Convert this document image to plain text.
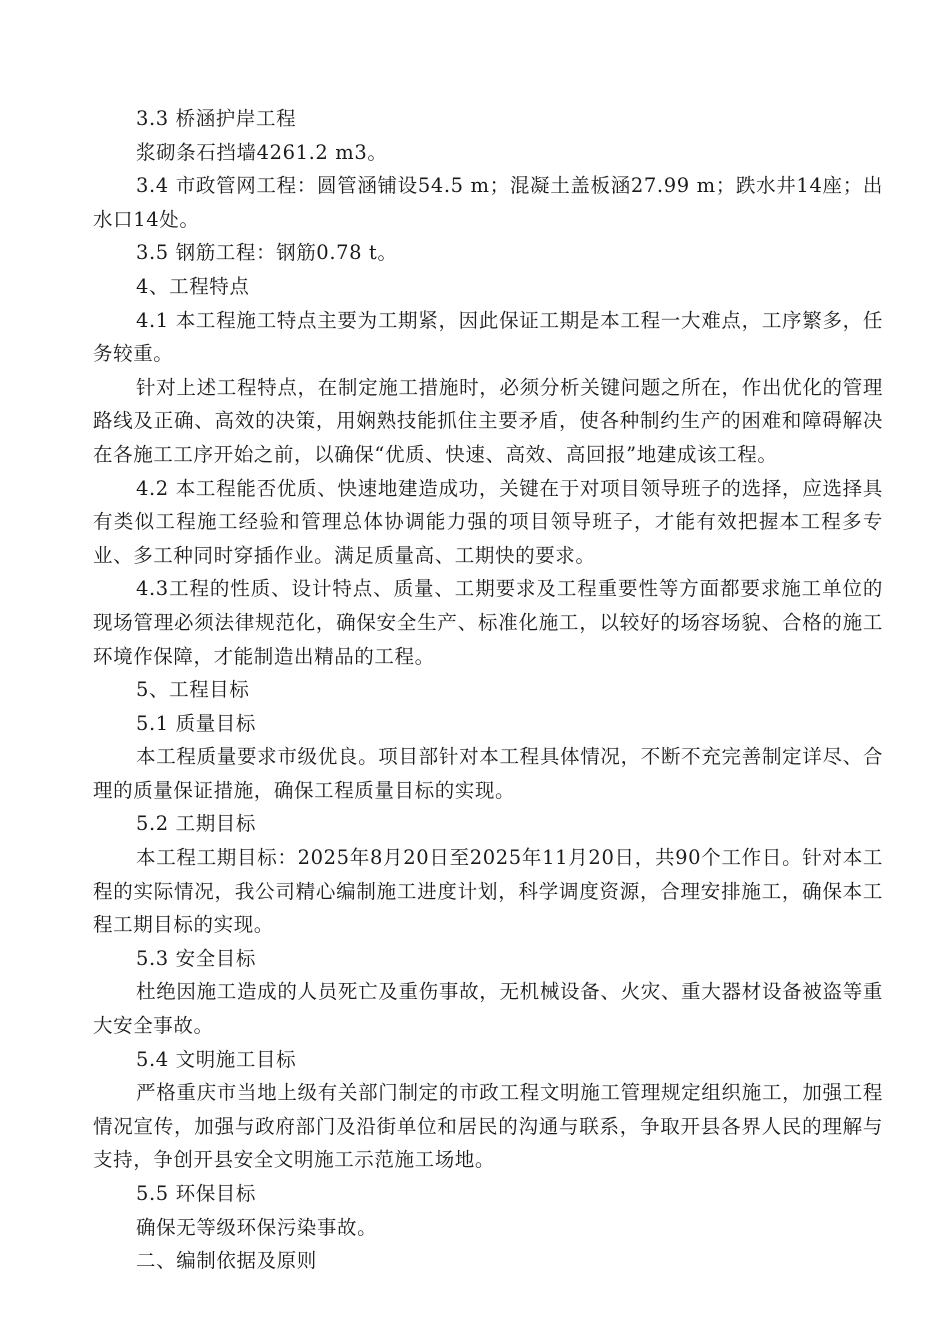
3.3 桥涵护岸工程

浆砌条石挡墙4261.2 m3。

3.4 市政管网工程：圆管涵铺设54.5 m；混凝土盖板涵27.99 m；跌水井14座；出水口14处。

3.5 钢筋工程：钢筋0.78 t。

4、工程特点

4.1 本工程施工特点主要为工期紧，因此保证工期是本工程一大难点，工序繁多，任务较重。

针对上述工程特点，在制定施工措施时，必须分析关键问题之所在，作出优化的管理路线及正确、高效的决策，用娴熟技能抓住主要矛盾，使各种制约生产的困难和障碍解决在各施工工序开始之前，以确保“优质、快速、高效、高回报”地建成该工程。

4.2 本工程能否优质、快速地建造成功，关键在于对项目领导班子的选择，应选择具有类似工程施工经验和管理总体协调能力强的项目领导班子，才能有效把握本工程多专业、多工种同时穿插作业。满足质量高、工期快的要求。

4.3工程的性质、设计特点、质量、工期要求及工程重要性等方面都要求施工单位的现场管理必须法律规范化，确保安全生产、标准化施工，以较好的场容场貌、合格的施工环境作保障，才能制造出精品的工程。

5、工程目标

5.1 质量目标

本工程质量要求市级优良。项目部针对本工程具体情况，不断不充完善制定详尽、合理的质量保证措施，确保工程质量目标的实现。

5.2 工期目标

本工程工期目标：2025年8月20日至2025年11月20日，共90个工作日。针对本工程的实际情况，我公司精心编制施工进度计划，科学调度资源，合理安排施工，确保本工程工期目标的实现。

5.3 安全目标

杜绝因施工造成的人员死亡及重伤事故，无机械设备、火灾、重大器材设备被盗等重大安全事故。

5.4 文明施工目标

严格重庆市当地上级有关部门制定的市政工程文明施工管理规定组织施工，加强工程情况宣传，加强与政府部门及沿街单位和居民的沟通与联系，争取开县各界人民的理解与支持，争创开县安全文明施工示范施工场地。

5.5 环保目标

确保无等级环保污染事故。

二、编制依据及原则
